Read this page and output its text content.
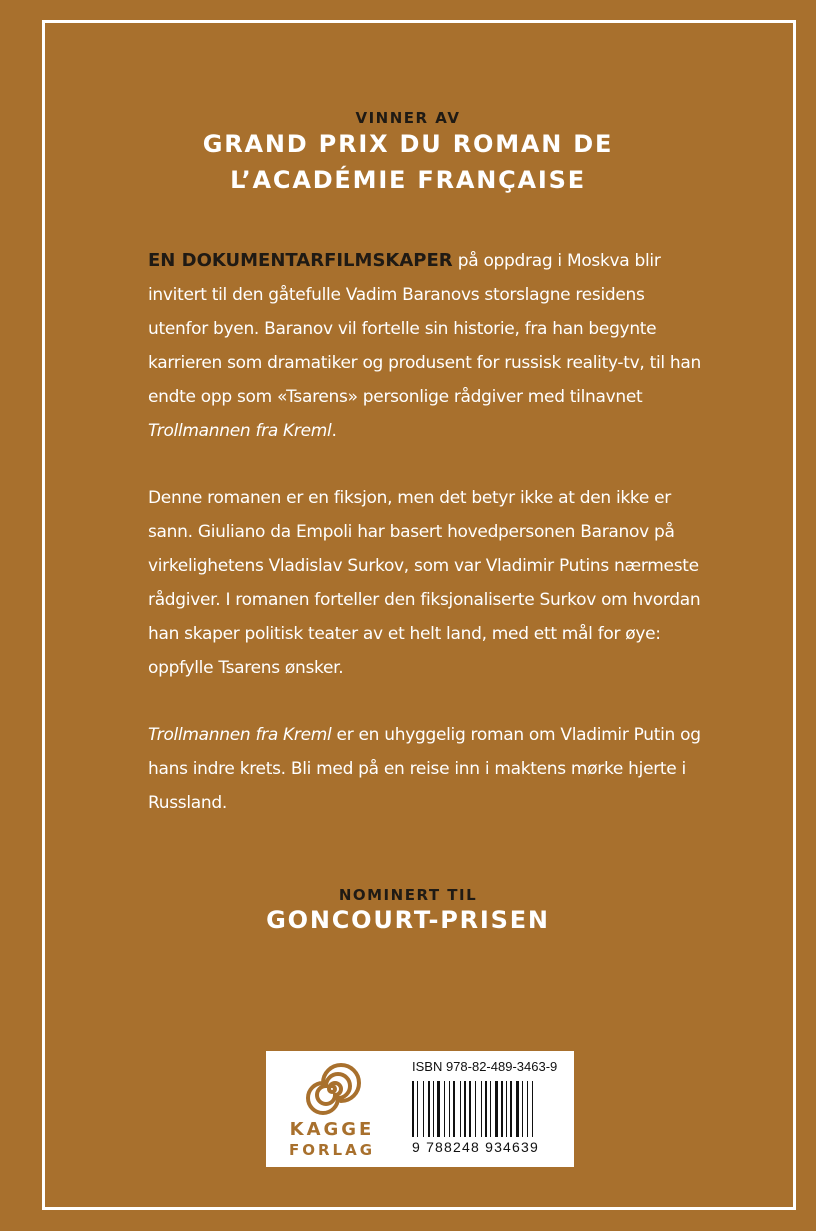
VINNER AV
GRAND PRIX DU ROMAN DE
L’ACADÉMIE FRANÇAISE

EN DOKUMENTARFILMSKAPER på oppdrag i Moskva blir invitert til den gåtefulle Vadim Baranovs storslagne residens utenfor byen. Baranov vil fortelle sin historie, fra han begynte karrieren som dramatiker og produsent for russisk reality-tv, til han endte opp som «Tsarens» personlige rådgiver med tilnavnet Trollmannen fra Kreml.

Denne romanen er en fiksjon, men det betyr ikke at den ikke er sann. Giuliano da Empoli har basert hovedpersonen Baranov på virkelighetens Vladislav Surkov, som var Vladimir Putins nærmeste rådgiver. I romanen forteller den fiksjonaliserte Surkov om hvordan han skaper politisk teater av et helt land, med ett mål for øye: oppfylle Tsarens ønsker.

Trollmannen fra Kreml er en uhyggelig roman om Vladimir Putin og hans indre krets. Bli med på en reise inn i maktens mørke hjerte i Russland.

NOMINERT TIL
GONCOURT-PRISEN
KAGGE
FORLAG
ISBN 978-82-489-3463-9
9 788248 934639
